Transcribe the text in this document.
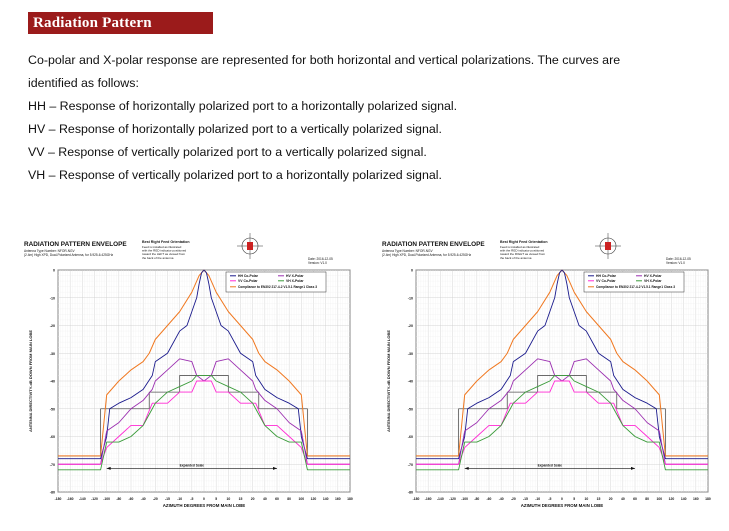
Radiation Pattern Envelope

Co-polar and X-polar response are represented for both horizontal and vertical polarizations. The curves are

identified as follows:

HH – Response of horizontally polarized port to a horizontally polarized signal.

HV – Response of horizontally polarized port to a vertically polarized signal.

VV – Response of vertically polarized port to a vertically polarized signal.

VH – Response of vertically polarized port to a horizontally polarized signal.

RADIATION PATTERN ENVELOPE
Antenna Type Number: NFOR-NGV
(2.4m) High XPD, Dual-Polarized Antenna, for 5.925-6.425GHz
Best Right Feed Orientation
Feed is installed as illustrated
with the RED indicator positioned
toward the LEFT as viewed from
the back of the antenna	Date: 2016-12-05
Version: V1.0
0
-10
-20
-30
-40
-50
-60
-70
-80
-180 -160 -140 -120 -100 -80 -60 -40 -20 -15 -10 -5	0	5	10 15 20 40 60 80 100 120 140 160 180
AZIMUTH DEGREES FROM MAIN LOBE
ANTENNA DIRECTIVITY-dB DOWN FROM MAIN LOBE
HH Co-Polar	HV X-Polar
VV Co-Polar	VH X-Polar
Compliance to EN302 217-4-2 V1.5.1 Range1 Class 3
Expanded Scale
RADIATION PATTERN ENVELOPE
Antenna Type Number: NFOR-NGV
(2.4m) High XPD, Dual-Polarized Antenna, for 5.925-6.425GHz
Best Right Feed Orientation
Feed is installed as illustrated
with the RED indicator positioned
toward the RIGHT as viewed from
the back of the antenna	Date: 2016-12-05
Version: V1.0
0
-10
-20
-30
-40
-50
-60
-70
-80
-180 -160 -140 -120 -100 -80 -60 -40 -20 -15 -10 -5	0	5	10 15 20 40 60 80 100 120 140 160 180
AZIMUTH DEGREES FROM MAIN LOBE
ANTENNA DIRECTIVITY-dB DOWN FROM MAIN LOBE
HH Co-Polar	HV X-Polar
VV Co-Polar	VH X-Polar
Compliance to EN302 217-4-2 V1.5.1 Range1 Class 3
Expanded Scale
